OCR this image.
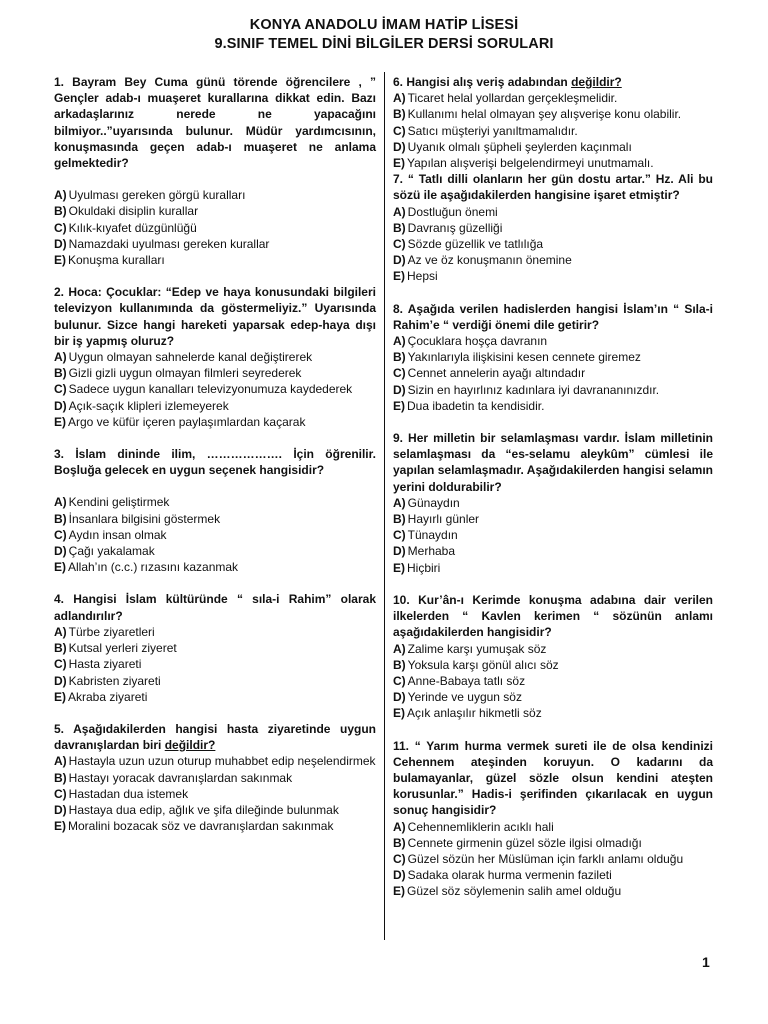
KONYA ANADOLU İMAM HATİP LİSESİ
9.SINIF TEMEL DİNİ BİLGİLER DERSİ SORULARI
1. Bayram Bey Cuma günü törende öğrencilere , ” Gençler adab-ı muaşeret kurallarına dikkat edin. Bazı arkadaşlarınız nerede ne yapacağını bilmiyor..”uyarısında bulunur. Müdür yardımcısının, konuşmasında geçen adab-ı muaşeret ne anlama gelmektedir?
A) Uyulması gereken görgü kuralları
B) Okuldaki disiplin kurallar
C) Kılık-kıyafet düzgünlüğü
D) Namazdaki uyulması gereken kurallar
E) Konuşma kuralları
2. Hoca: Çocuklar: “Edep ve haya konusundaki bilgileri televizyon kullanımında da göstermeliyiz.” Uyarısında bulunur. Sizce hangi hareketi yaparsak edep-haya dışı bir iş yapmış oluruz?
A) Uygun olmayan sahnelerde kanal değiştirerek
B) Gizli gizli uygun olmayan filmleri seyrederek
C) Sadece uygun kanalları televizyonumuza kaydederek
D) Açık-saçık klipleri izlemeyerek
E) Argo ve küfür içeren paylaşımlardan kaçarak
3. İslam dininde ilim, ………………. İçin öğrenilir. Boşluğa gelecek en uygun seçenek hangisidir?
A) Kendini geliştirmek
B) İnsanlara bilgisini göstermek
C) Aydın insan olmak
D) Çağı yakalamak
E) Allah’ın (c.c.) rızasını kazanmak
4. Hangisi İslam kültüründe “ sıla-i Rahim” olarak adlandırılır?
A) Türbe ziyaretleri
B) Kutsal yerleri ziyeret
C) Hasta ziyareti
D) Kabristen ziyareti
E) Akraba ziyareti
5. Aşağıdakilerden hangisi hasta ziyaretinde uygun davranışlardan biri değildir?
A) Hastayla uzun uzun oturup muhabbet edip neşelendirmek
B) Hastayı yoracak davranışlardan sakınmak
C) Hastadan dua istemek
D) Hastaya dua edip, ağlık ve şifa dileğinde bulunmak
E) Moralini bozacak söz ve davranışlardan sakınmak
6. Hangisi alış veriş adabından değildir?
A) Ticaret helal yollardan gerçekleşmelidir.
B) Kullanımı helal olmayan şey alışverişe konu olabilir.
C) Satıcı müşteriyi yanıltmamalıdır.
D) Uyanık olmalı şüpheli şeylerden kaçınmalı
E) Yapılan alışverişi belgelendirmeyi unutmamalı.
7. “ Tatlı dilli olanların her gün dostu artar.” Hz. Ali bu sözü ile aşağıdakilerden hangisine işaret etmiştir?
A) Dostluğun önemi
B) Davranış güzelliği
C) Sözde güzellik ve tatlılığa
D) Az ve öz konuşmanın önemine
E) Hepsi
8. Aşağıda verilen hadislerden hangisi İslam’ın “ Sıla-i Rahim’e “ verdiği önemi dile getirir?
A) Çocuklara hoşça davranın
B) Yakınlarıyla ilişkisini kesen cennete giremez
C) Cennet annelerin ayağı altındadır
D) Sizin en hayırlınız kadınlara iyi davrananınızdır.
E) Dua ibadetin ta kendisidir.
9. Her milletin bir selamlaşması vardır. İslam milletinin selamlaşması da “es-selamu aleykûm” cümlesi ile yapılan selamlaşmadır. Aşağıdakilerden hangisi selamın yerini doldurabilir?
A) Günaydın
B) Hayırlı günler
C) Tünaydın
D) Merhaba
E) Hiçbiri
10. Kur’ân-ı Kerimde konuşma adabına dair verilen ilkelerden “ Kavlen kerimen “ sözünün anlamı aşağıdakilerden hangisidir?
A) Zalime karşı yumuşak söz
B) Yoksula karşı gönül alıcı söz
C) Anne-Babaya tatlı söz
D) Yerinde ve uygun söz
E) Açık anlaşılır hikmetli söz
11. “ Yarım hurma vermek sureti ile de olsa kendinizi Cehennem ateşinden koruyun. O kadarını da bulamayanlar, güzel sözle olsun kendini ateşten korusunlar.” Hadis-i şerifinden çıkarılacak en uygun sonuç hangisidir?
A) Cehennemliklerin acıklı hali
B) Cennete girmenin güzel sözle ilgisi olmadığı
C) Güzel sözün her Müslüman için farklı anlamı olduğu
D) Sadaka olarak hurma vermenin fazileti
E) Güzel söz söylemenin salih amel olduğu
1
